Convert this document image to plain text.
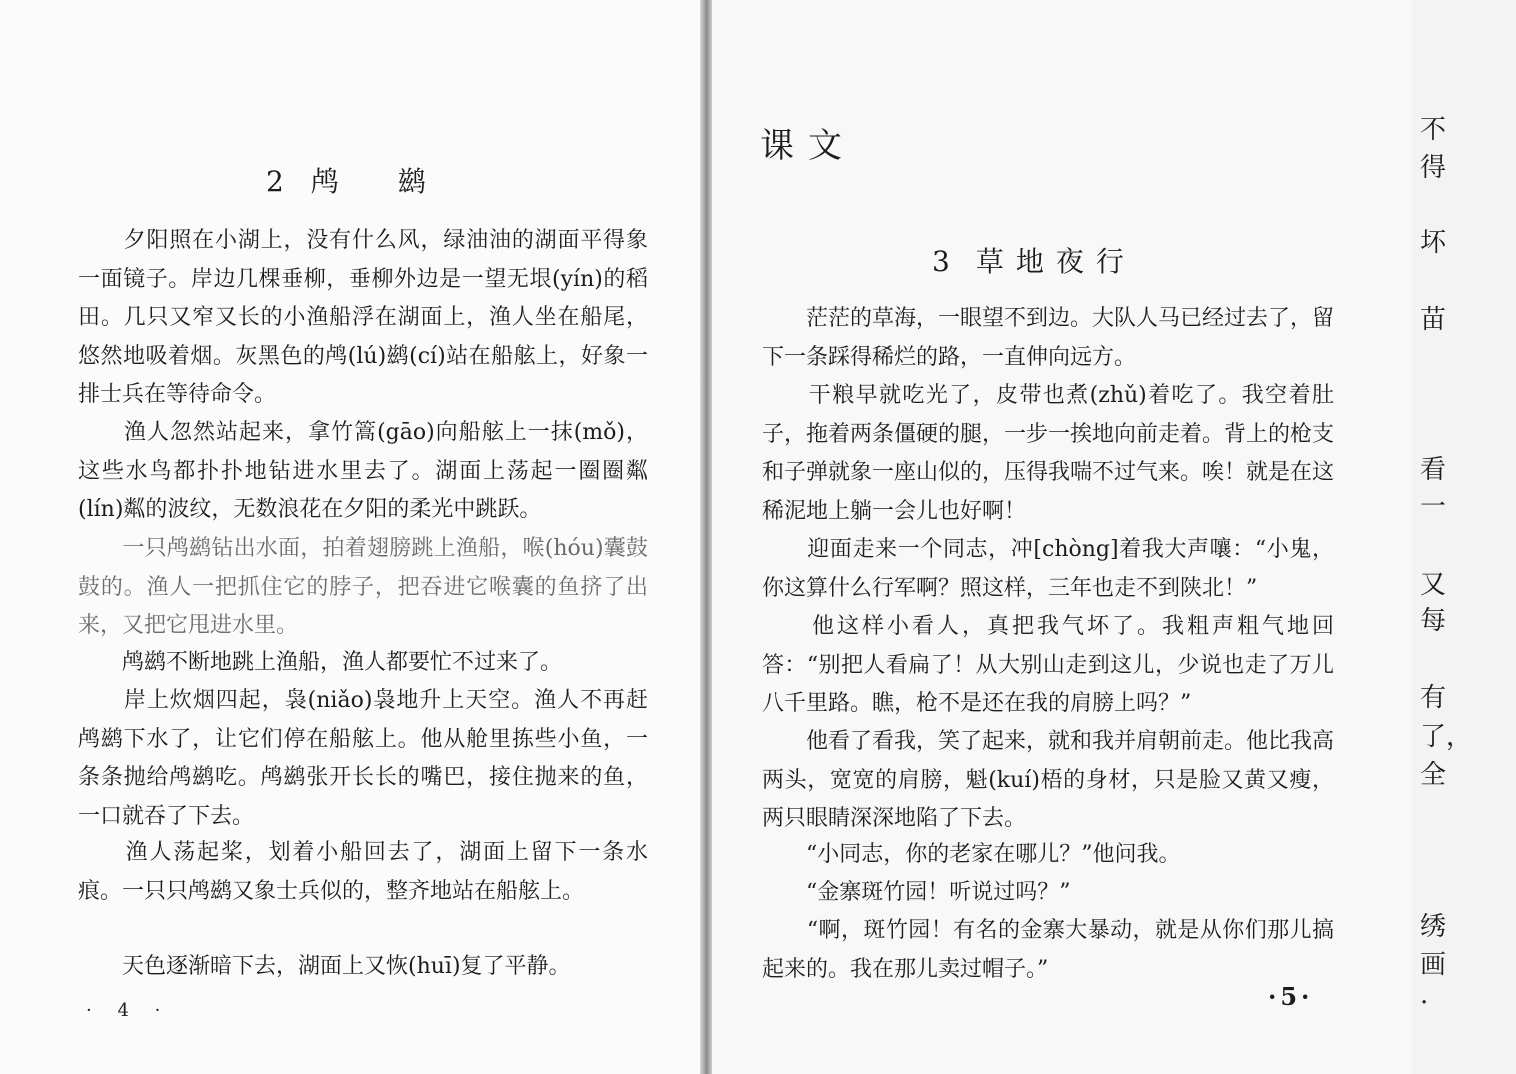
2 鸬 鹚

　　夕阳照在小湖上，没有什么风，绿油油的湖面平得象一面镜子。岸边几棵垂柳，垂柳外边是一望无垠(yín)的稻田。几只又窄又长的小渔船浮在湖面上，渔人坐在船尾，悠然地吸着烟。灰黑色的鸬(lú)鹚(cí)站在船舷上，好象一排士兵在等待命令。

　　渔人忽然站起来，拿竹篙(gāo)向船舷上一抹(mǒ)，这些水鸟都扑扑地钻进水里去了。湖面上荡起一圈圈粼(lín)粼的波纹，无数浪花在夕阳的柔光中跳跃。

　　一只鸬鹚钻出水面，拍着翅膀跳上渔船，喉(hóu)囊鼓鼓的。渔人一把抓住它的脖子，把吞进它喉囊的鱼挤了出来，又把它甩进水里。

　　鸬鹚不断地跳上渔船，渔人都要忙不过来了。

　　岸上炊烟四起，袅(niǎo)袅地升上天空。渔人不再赶鸬鹚下水了，让它们停在船舷上。他从舱里拣些小鱼，一条条抛给鸬鹚吃。鸬鹚张开长长的嘴巴，接住抛来的鱼，一口就吞了下去。

　　渔人荡起桨，划着小船回去了，湖面上留下一条水痕。一只只鸬鹚又象士兵似的，整齐地站在船舷上。

　　天色逐渐暗下去，湖面上又恢(huī)复了平静。

· 4 ·
课文
3 草地夜行

　　茫茫的草海，一眼望不到边。大队人马已经过去了，留下一条踩得稀烂的路，一直伸向远方。

　　干粮早就吃光了，皮带也煮(zhǔ)着吃了。我空着肚子，拖着两条僵硬的腿，一步一挨地向前走着。背上的枪支和子弹就象一座山似的，压得我喘不过气来。唉！就是在这稀泥地上躺一会儿也好啊！

　　迎面走来一个同志，冲[chòng]着我大声嚷：“小鬼，你这算什么行军啊？照这样，三年也走不到陕北！”

　　他这样小看人，真把我气坏了。我粗声粗气地回答：“别把人看扁了！从大别山走到这儿，少说也走了万儿八千里路。瞧，枪不是还在我的肩膀上吗？”

　　他看了看我，笑了起来，就和我并肩朝前走。他比我高两头，宽宽的肩膀，魁(kuí)梧的身材，只是脸又黄又瘦，两只眼睛深深地陷了下去。

　　“小同志，你的老家在哪儿？”他问我。

　　“金寨斑竹园！听说过吗？”

　　“啊，斑竹园！有名的金寨大暴动，就是从你们那儿搞起来的。我在那儿卖过帽子。”

·5·
不
得
坏
苗
看
一
又
每
有
了，
全
绣
画
·
